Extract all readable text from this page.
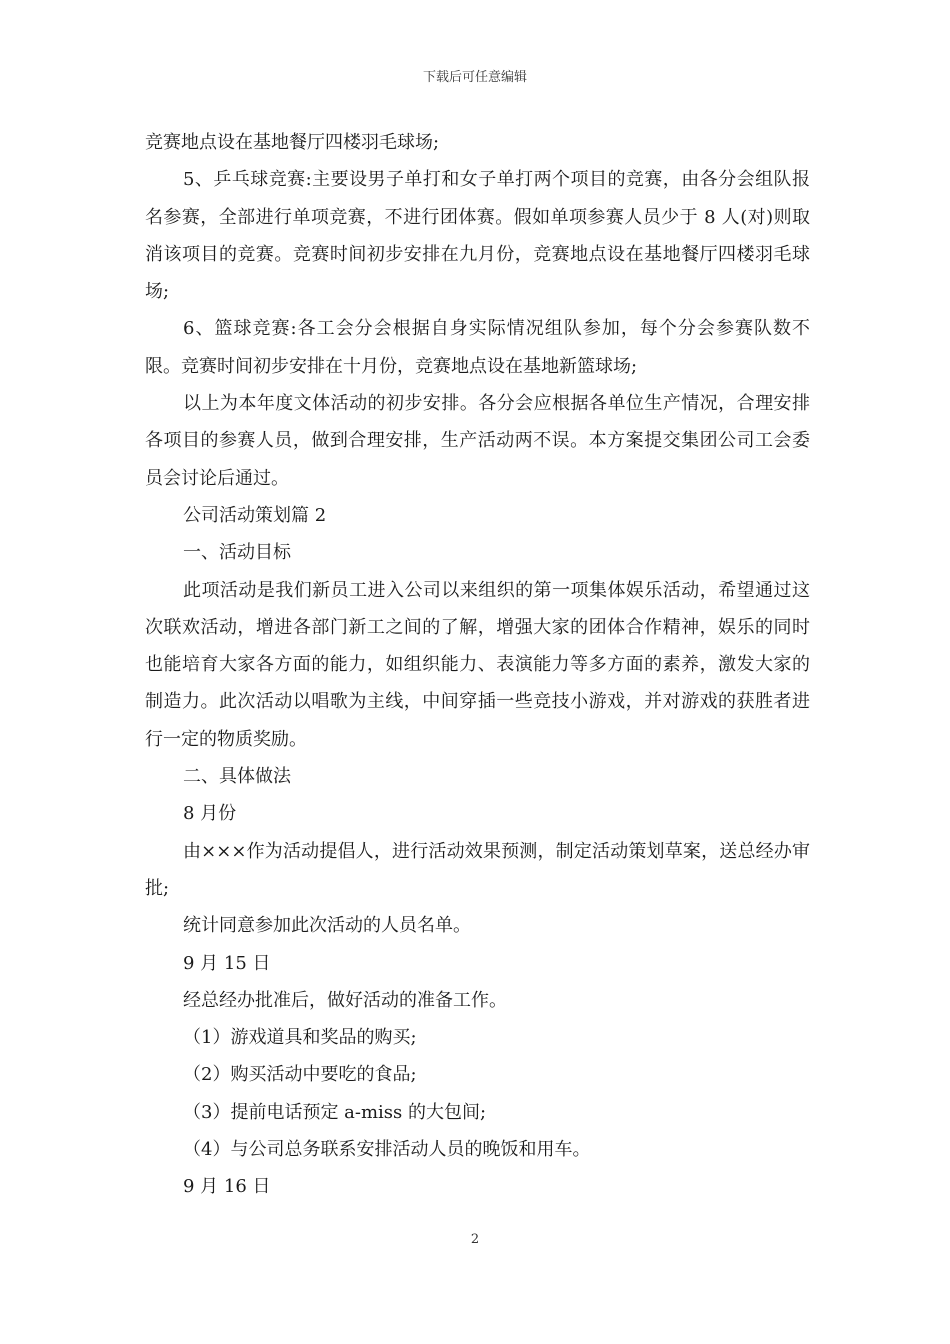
下载后可任意编辑

竞赛地点设在基地餐厅四楼羽毛球场;

5、乒乓球竞赛:主要设男子单打和女子单打两个项目的竞赛，由各分会组队报名参赛，全部进行单项竞赛，不进行团体赛。假如单项参赛人员少于 8 人(对)则取消该项目的竞赛。竞赛时间初步安排在九月份，竞赛地点设在基地餐厅四楼羽毛球场;

6、篮球竞赛:各工会分会根据自身实际情况组队参加，每个分会参赛队数不限。竞赛时间初步安排在十月份，竞赛地点设在基地新篮球场;

以上为本年度文体活动的初步安排。各分会应根据各单位生产情况，合理安排各项目的参赛人员，做到合理安排，生产活动两不误。本方案提交集团公司工会委员会讨论后通过。

公司活动策划篇 2

一、活动目标

此项活动是我们新员工进入公司以来组织的第一项集体娱乐活动，希望通过这次联欢活动，增进各部门新工之间的了解，增强大家的团体合作精神，娱乐的同时也能培育大家各方面的能力，如组织能力、表演能力等多方面的素养，激发大家的制造力。此次活动以唱歌为主线，中间穿插一些竞技小游戏，并对游戏的获胜者进行一定的物质奖励。

二、具体做法

8 月份

由×××作为活动提倡人，进行活动效果预测，制定活动策划草案，送总经办审批;

统计同意参加此次活动的人员名单。

9 月 15 日

经总经办批准后，做好活动的准备工作。

（1）游戏道具和奖品的购买;

（2）购买活动中要吃的食品;

（3）提前电话预定 a-miss 的大包间;

（4）与公司总务联系安排活动人员的晚饭和用车。

9 月 16 日

2
